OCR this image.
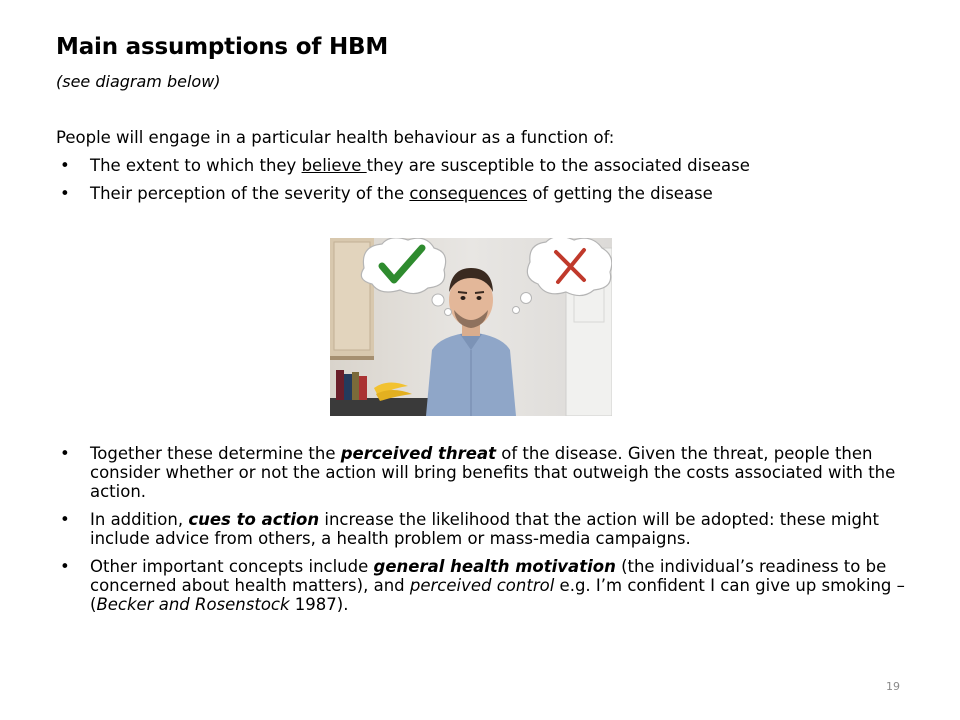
Main assumptions of HBM
(see diagram below)
People will engage in a particular health behaviour as a function of:
• The extent to which they believe they are susceptible to the associated disease
• Their perception of the severity of the consequences of getting the disease
• Together these determine the perceived threat of the disease. Given the threat, people then consider whether or not the action will bring benefits that outweigh the costs associated with the action.
• In addition, cues to action increase the likelihood that the action will be adopted: these might include advice from others, a health problem or mass-media campaigns.
• Other important concepts include general health motivation (the individual’s readiness to be concerned about health matters), and perceived control e.g. I’m confident I can give up smoking – (Becker and Rosenstock 1987).
19
